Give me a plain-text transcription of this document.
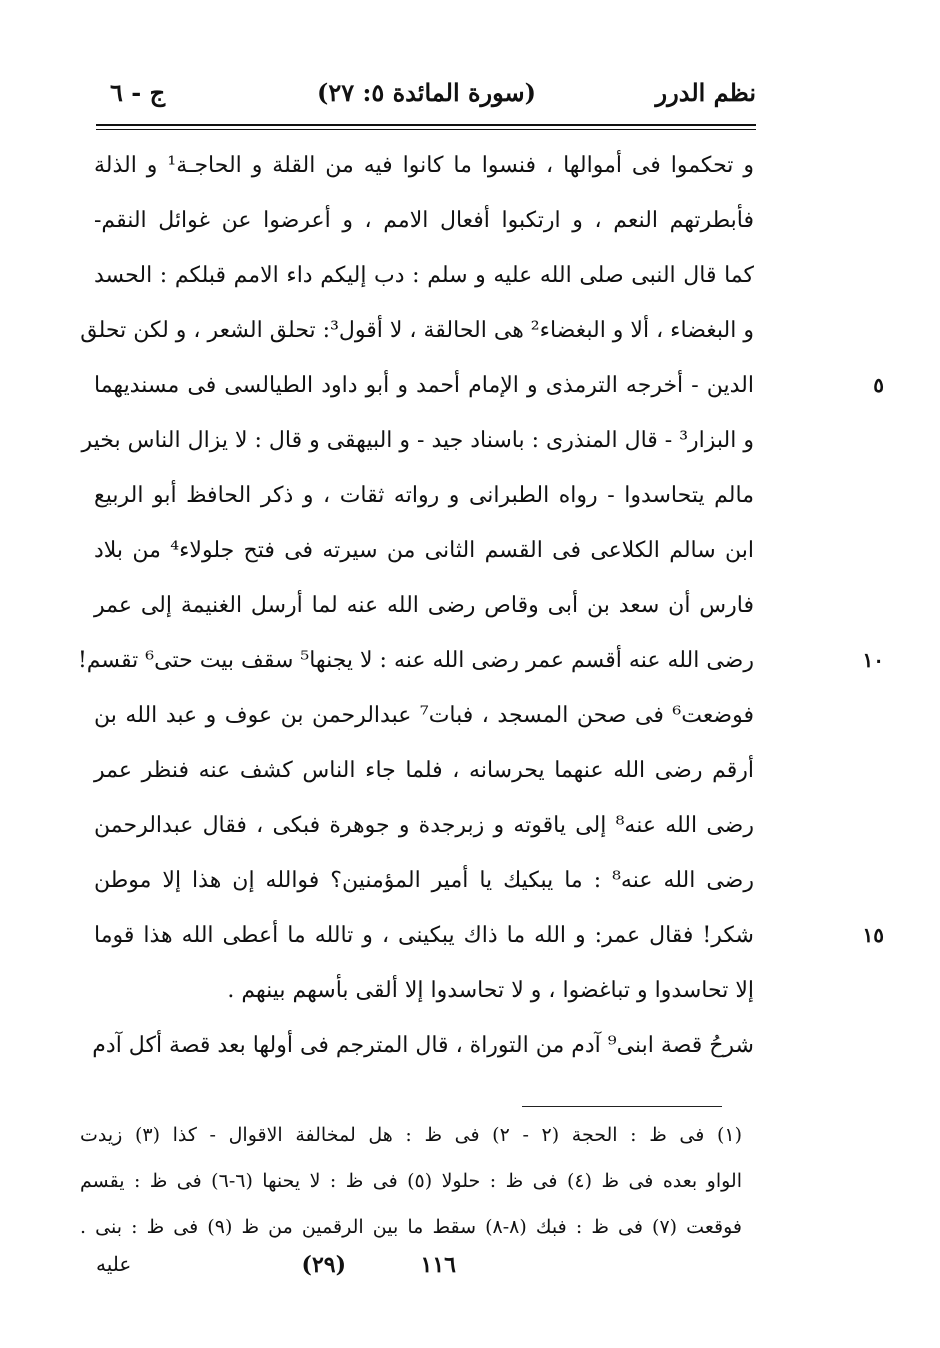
نظم الدرر
(سورة المائدة ٥: ٢٧)
ج - ٦
و تحكموا فى أموالها ، فنسوا ما كانوا فيه من القلة و الحاجـة¹ و الذلة
فأبطرتهم النعم ، و ارتكبوا أفعال الامم ، و أعرضوا عن غوائل النقم-
كما قال النبى صلى الله عليه و سلم : دب إليكم داء الامم قبلكم : الحسد
و البغضاء ، ألا و البغضاء² هى الحالقة ، لا أقول³: تحلق الشعر ، و لكن تحلق
الدين - أخرجه الترمذى و الإمام أحمد و أبو داود الطيالسى فى مسنديهما	٥
و البزار³ - قال المنذرى : باسناد جيد - و البيهقى و قال : لا يزال الناس بخير
مالم يتحاسدوا - رواه الطبرانى و رواته ثقات ، و ذكر الحافظ أبو الربيع
ابن سالم الكلاعى فى القسم الثانى من سيرته فى فتح جلولاء⁴ من بلاد
فارس أن سعد بن أبى وقاص رضى الله عنه لما أرسل الغنيمة إلى عمر
رضى الله عنه أقسم عمر رضى الله عنه : لا يجنها⁵ سقف بيت حتى⁶ تقسم!	١٠
فوضعت⁶ فى صحن المسجد ، فبات⁷ عبدالرحمن بن عوف و عبد الله بن
أرقم رضى الله عنهما يحرسانه ، فلما جاء الناس كشف عنه فنظر عمر
رضى الله عنه⁸ إلى ياقوته و زبرجدة و جوهرة فبكى ، فقال عبدالرحمن
رضى الله عنه⁸ : ما يبكيك يا أمير المؤمنين؟ فوالله إن هذا إلا موطن
شكر! فقال عمر: و الله ما ذاك يبكينى ، و تالله ما أعطى الله هذا قوما	١٥
إلا تحاسدوا و تباغضوا ، و لا تحاسدوا إلا ألقى بأسهم بينهم .
شرحُ قصة ابنى⁹ آدم من التوراة ، قال المترجم فى أولها بعد قصة أكل آدم
(١) فى ظ : الحجة (٢ - ٢) فى ظ : هل لمخالفة الاقوال - كذا (٣) زيدت
الواو بعده فى ظ (٤) فى ظ : حلولا (٥) فى ظ : لا يحنها (٦-٦) فى ظ : يقسم
فوقعت (٧) فى ظ : فبك (٨-٨) سقط ما بين الرقمين من ظ (٩) فى ظ : بنى .
١١٦
(٢٩)
عليه
